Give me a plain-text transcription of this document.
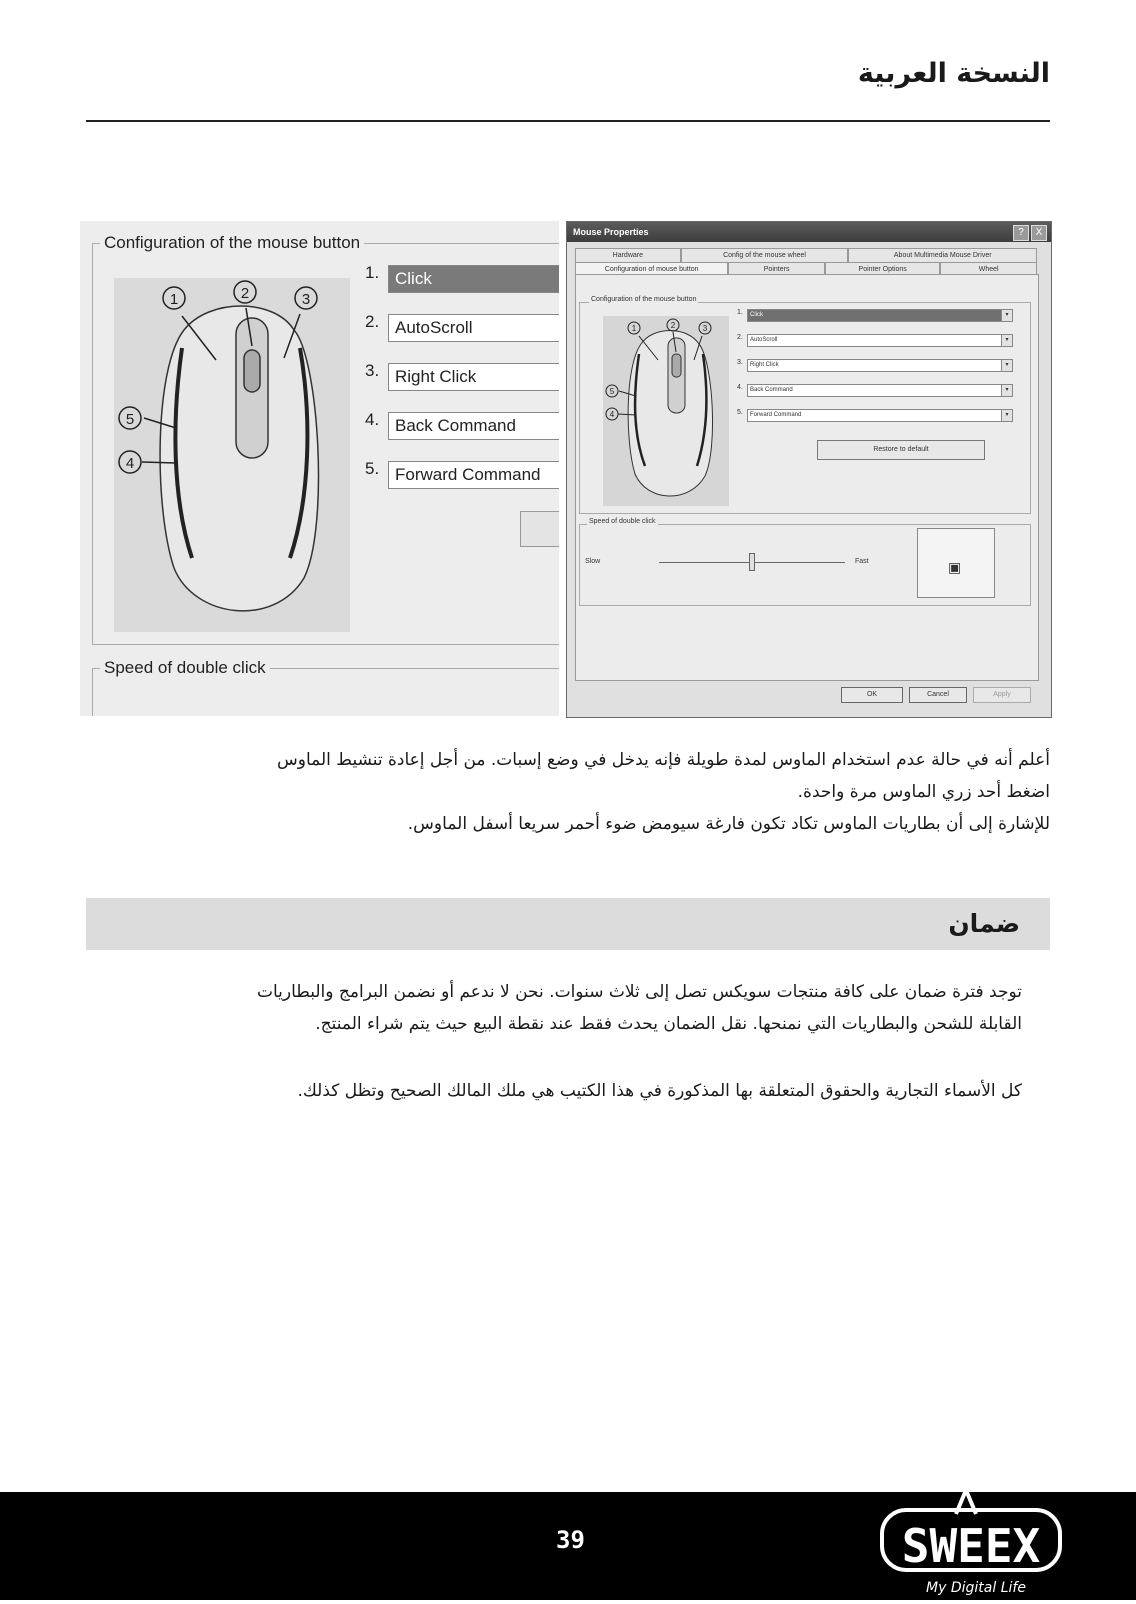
النسخة العربية
Configuration of the mouse button
1	2	3
4
5
1. Click
2. AutoScroll
3. Right Click
4. Back Command
5. Forward Command
Speed of double click
Mouse Properties	?	X
Hardware	Config of the mouse wheel	About Multimedia Mouse Driver
Configuration of mouse button	Pointers	Pointer Options	Wheel
Configuration of the mouse button
1	2	3
4
5
1.	Click	▾
2.	AutoScroll	▾
3.	Right Click	▾
4.	Back Command	▾
5.	Forward Command	▾
Restore to default
Speed of double click
Slow	Fast	▣
OK	Cancel	Apply
أعلم أنه في حالة عدم استخدام الماوس لمدة طويلة فإنه يدخل في وضع إسبات. من أجل إعادة تنشيط الماوس
اضغط أحد زري الماوس مرة واحدة.
للإشارة إلى أن بطاريات الماوس تكاد تكون فارغة سيومض ضوء أحمر سريعا أسفل الماوس.
ضمان
توجد فترة ضمان على كافة منتجات سويكس تصل إلى ثلاث سنوات. نحن لا ندعم أو نضمن البرامج والبطاريات
القابلة للشحن والبطاريات التي نمنحها. نقل الضمان يحدث فقط عند نقطة البيع حيث يتم شراء المنتج.
كل الأسماء التجارية والحقوق المتعلقة بها المذكورة في هذا الكتيب هي ملك المالك الصحيح وتظل كذلك.
39	SWEEX
My Digital Life
